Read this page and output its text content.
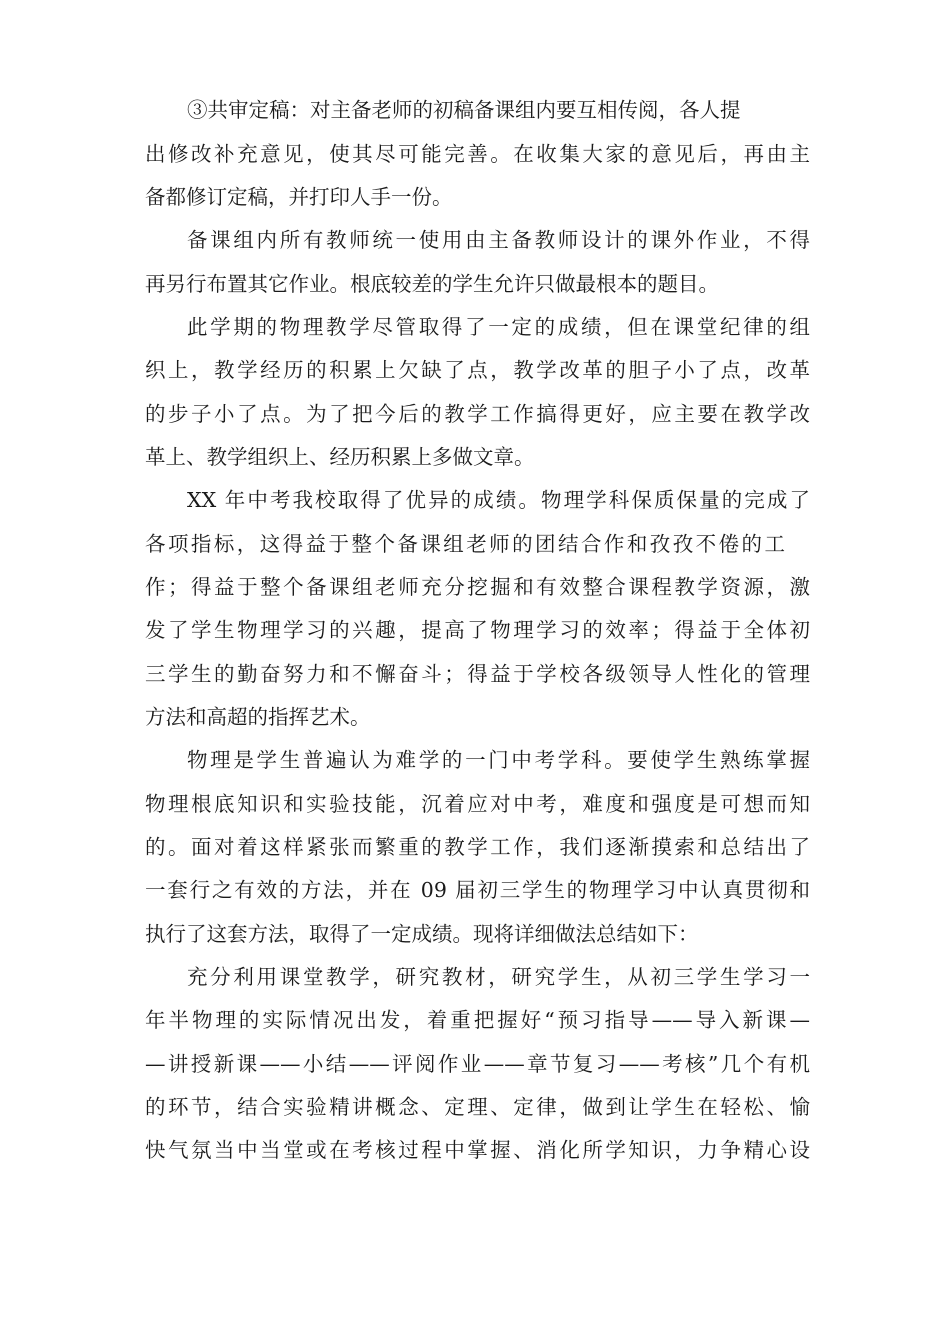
③共审定稿：对主备老师的初稿备课组内要互相传阅，各人提
出修改补充意见，使其尽可能完善。在收集大家的意见后，再由主
备都修订定稿，并打印人手一份。
备课组内所有教师统一使用由主备教师设计的课外作业，不得
再另行布置其它作业。根底较差的学生允许只做最根本的题目。
此学期的物理教学尽管取得了一定的成绩，但在课堂纪律的组
织上，教学经历的积累上欠缺了点，教学改革的胆子小了点，改革
的步子小了点。为了把今后的教学工作搞得更好，应主要在教学改
革上、教学组织上、经历积累上多做文章。
XX 年中考我校取得了优异的成绩。物理学科保质保量的完成了
各项指标，这得益于整个备课组老师的团结合作和孜孜不倦的工
作；得益于整个备课组老师充分挖掘和有效整合课程教学资源，激
发了学生物理学习的兴趣，提高了物理学习的效率；得益于全体初
三学生的勤奋努力和不懈奋斗；得益于学校各级领导人性化的管理
方法和高超的指挥艺术。
物理是学生普遍认为难学的一门中考学科。要使学生熟练掌握
物理根底知识和实验技能，沉着应对中考，难度和强度是可想而知
的。面对着这样紧张而繁重的教学工作，我们逐渐摸索和总结出了
一套行之有效的方法，并在 09 届初三学生的物理学习中认真贯彻和
执行了这套方法，取得了一定成绩。现将详细做法总结如下：
充分利用课堂教学，研究教材，研究学生，从初三学生学习一
年半物理的实际情况出发，着重把握好“预习指导——导入新课—
—讲授新课——小结——评阅作业——章节复习——考核”几个有机
的环节，结合实验精讲概念、定理、定律，做到让学生在轻松、愉
快气氛当中当堂或在考核过程中掌握、消化所学知识，力争精心设
